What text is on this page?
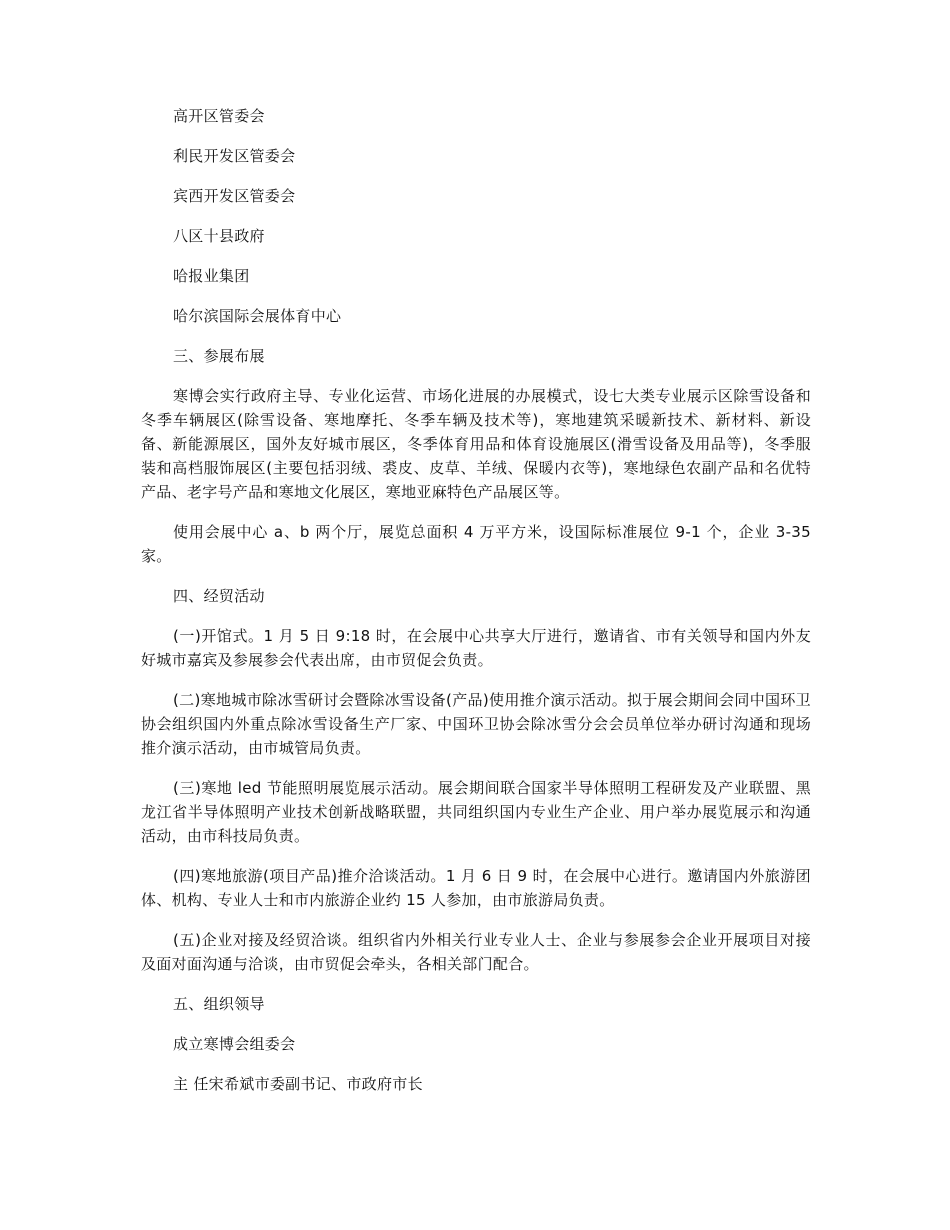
高开区管委会

利民开发区管委会

宾西开发区管委会

八区十县政府

哈报业集团

哈尔滨国际会展体育中心

三、参展布展

寒博会实行政府主导、专业化运营、市场化进展的办展模式，设七大类专业展示区除雪设备和冬季车辆展区(除雪设备、寒地摩托、冬季车辆及技术等)，寒地建筑采暖新技术、新材料、新设备、新能源展区，国外友好城市展区，冬季体育用品和体育设施展区(滑雪设备及用品等)，冬季服装和高档服饰展区(主要包括羽绒、裘皮、皮草、羊绒、保暖内衣等)，寒地绿色农副产品和名优特产品、老字号产品和寒地文化展区，寒地亚麻特色产品展区等。

使用会展中心 a、b 两个厅，展览总面积 4 万平方米，设国际标准展位 9-1 个，企业 3-35 家。

四、经贸活动

(一)开馆式。1 月 5 日 9:18 时，在会展中心共享大厅进行，邀请省、市有关领导和国内外友好城市嘉宾及参展参会代表出席，由市贸促会负责。

(二)寒地城市除冰雪研讨会暨除冰雪设备(产品)使用推介演示活动。拟于展会期间会同中国环卫协会组织国内外重点除冰雪设备生产厂家、中国环卫协会除冰雪分会会员单位举办研讨沟通和现场推介演示活动，由市城管局负责。

(三)寒地 led 节能照明展览展示活动。展会期间联合国家半导体照明工程研发及产业联盟、黑龙江省半导体照明产业技术创新战略联盟，共同组织国内专业生产企业、用户举办展览展示和沟通活动，由市科技局负责。

(四)寒地旅游(项目产品)推介洽谈活动。1 月 6 日 9 时，在会展中心进行。邀请国内外旅游团体、机构、专业人士和市内旅游企业约 15 人参加，由市旅游局负责。

(五)企业对接及经贸洽谈。组织省内外相关行业专业人士、企业与参展参会企业开展项目对接及面对面沟通与洽谈，由市贸促会牵头，各相关部门配合。

五、组织领导

成立寒博会组委会

主 任宋希斌市委副书记、市政府市长
